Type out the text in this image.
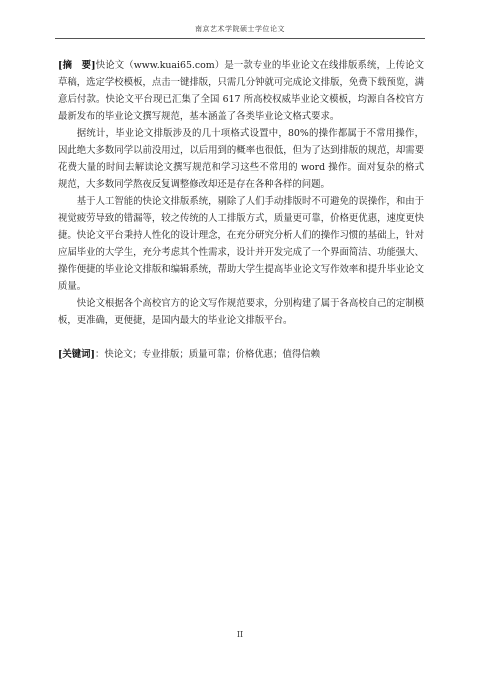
南京艺术学院硕士学位论文

[摘　要]快论文（www.kuai65.com）是一款专业的毕业论文在线排版系统，上传论文草稿，选定学校模板，点击一键排版，只需几分钟就可完成论文排版，免费下载预览，满意后付款。快论文平台现已汇集了全国 617 所高校权威毕业论文模板，均源自各校官方最新发布的毕业论文撰写规范，基本涵盖了各类毕业论文格式要求。

据统计，毕业论文排版涉及的几十项格式设置中，80%的操作都属于不常用操作，因此绝大多数同学以前没用过，以后用到的概率也很低，但为了达到排版的规范，却需要花费大量的时间去解读论文撰写规范和学习这些不常用的 word 操作。面对复杂的格式规范，大多数同学熬夜反复调整修改却还是存在各种各样的问题。

基于人工智能的快论文排版系统，剔除了人们手动排版时不可避免的误操作，和由于视觉疲劳导致的错漏等，较之传统的人工排版方式，质量更可靠，价格更优惠，速度更快捷。快论文平台秉持人性化的设计理念，在充分研究分析人们的操作习惯的基础上，针对应届毕业的大学生，充分考虑其个性需求，设计并开发完成了一个界面简洁、功能强大、操作便捷的毕业论文排版和编辑系统，帮助大学生提高毕业论文写作效率和提升毕业论文质量。

快论文根据各个高校官方的论文写作规范要求，分别构建了属于各高校自己的定制模板，更准确，更便捷，是国内最大的毕业论文排版平台。

[关键词]：快论文；专业排版；质量可靠；价格优惠；值得信赖

II
